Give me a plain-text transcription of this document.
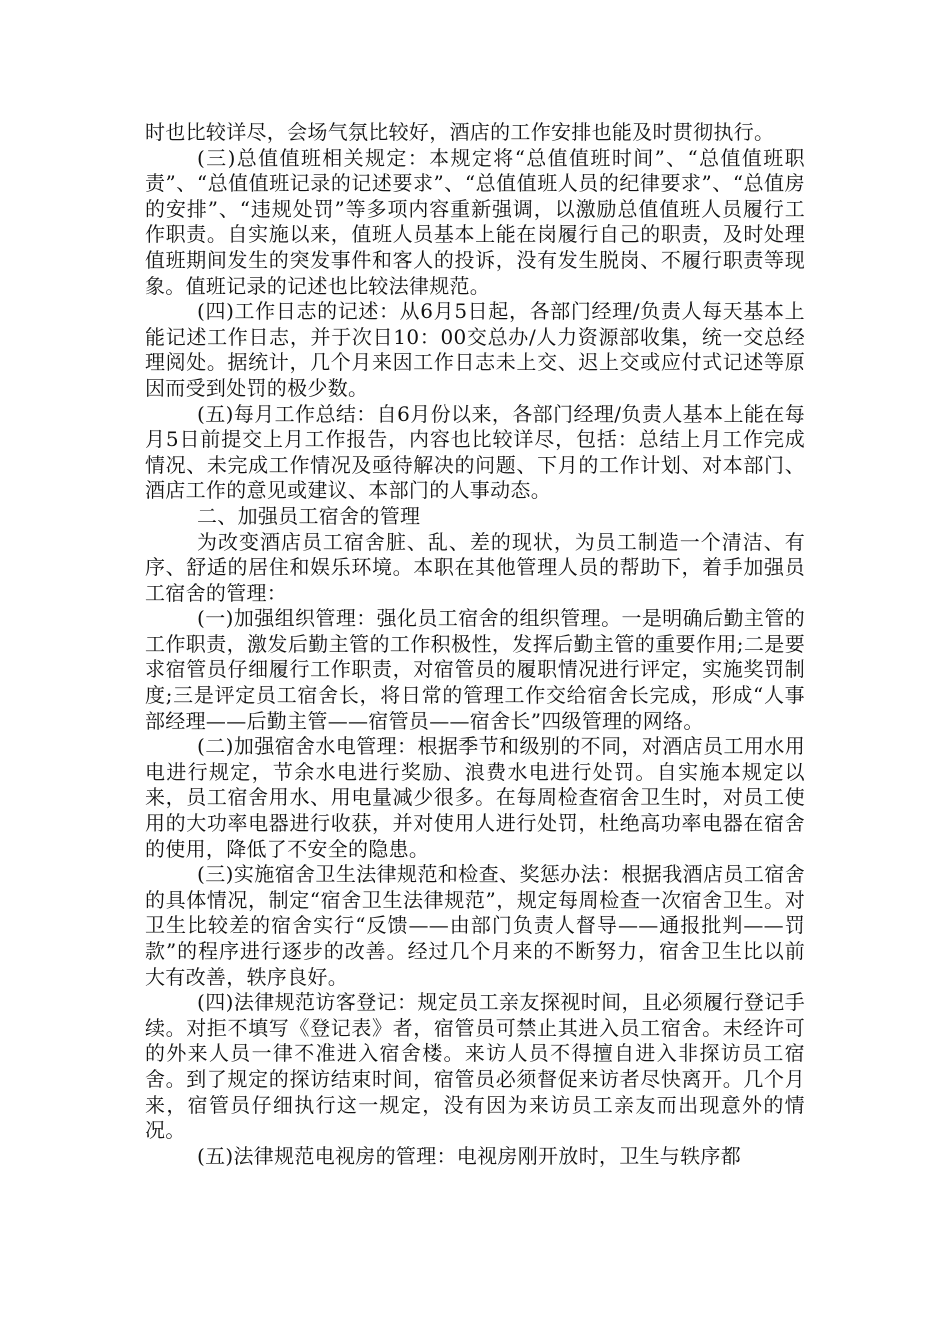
时也比较详尽，会场气氛比较好，酒店的工作安排也能及时贯彻执行。

(三)总值值班相关规定：本规定将“总值值班时间”、“总值值班职责”、“总值值班记录的记述要求”、“总值值班人员的纪律要求”、“总值房的安排”、“违规处罚”等多项内容重新强调，以激励总值值班人员履行工作职责。自实施以来，值班人员基本上能在岗履行自己的职责，及时处理值班期间发生的突发事件和客人的投诉，没有发生脱岗、不履行职责等现象。值班记录的记述也比较法律规范。

(四)工作日志的记述：从6月5日起，各部门经理/负责人每天基本上能记述工作日志，并于次日10：00交总办/人力资源部收集，统一交总经理阅处。据统计，几个月来因工作日志未上交、迟上交或应付式记述等原因而受到处罚的极少数。

(五)每月工作总结：自6月份以来，各部门经理/负责人基本上能在每月5日前提交上月工作报告，内容也比较详尽，包括：总结上月工作完成情况、未完成工作情况及亟待解决的问题、下月的工作计划、对本部门、酒店工作的意见或建议、本部门的人事动态。

二、加强员工宿舍的管理

为改变酒店员工宿舍脏、乱、差的现状，为员工制造一个清洁、有序、舒适的居住和娱乐环境。本职在其他管理人员的帮助下，着手加强员工宿舍的管理：

(一)加强组织管理：强化员工宿舍的组织管理。一是明确后勤主管的工作职责，激发后勤主管的工作积极性，发挥后勤主管的重要作用;二是要求宿管员仔细履行工作职责，对宿管员的履职情况进行评定，实施奖罚制度;三是评定员工宿舍长，将日常的管理工作交给宿舍长完成，形成“人事部经理——后勤主管——宿管员——宿舍长”四级管理的网络。

(二)加强宿舍水电管理：根据季节和级别的不同，对酒店员工用水用电进行规定，节余水电进行奖励、浪费水电进行处罚。自实施本规定以来，员工宿舍用水、用电量减少很多。在每周检查宿舍卫生时，对员工使用的大功率电器进行收获，并对使用人进行处罚，杜绝高功率电器在宿舍的使用，降低了不安全的隐患。

(三)实施宿舍卫生法律规范和检查、奖惩办法：根据我酒店员工宿舍的具体情况，制定“宿舍卫生法律规范”，规定每周检查一次宿舍卫生。对卫生比较差的宿舍实行“反馈——由部门负责人督导——通报批判——罚款”的程序进行逐步的改善。经过几个月来的不断努力，宿舍卫生比以前大有改善，轶序良好。

(四)法律规范访客登记：规定员工亲友探视时间，且必须履行登记手续。对拒不填写《登记表》者，宿管员可禁止其进入员工宿舍。未经许可的外来人员一律不准进入宿舍楼。来访人员不得擅自进入非探访员工宿舍。到了规定的探访结束时间，宿管员必须督促来访者尽快离开。几个月来，宿管员仔细执行这一规定，没有因为来访员工亲友而出现意外的情况。

(五)法律规范电视房的管理：电视房刚开放时，卫生与轶序都
